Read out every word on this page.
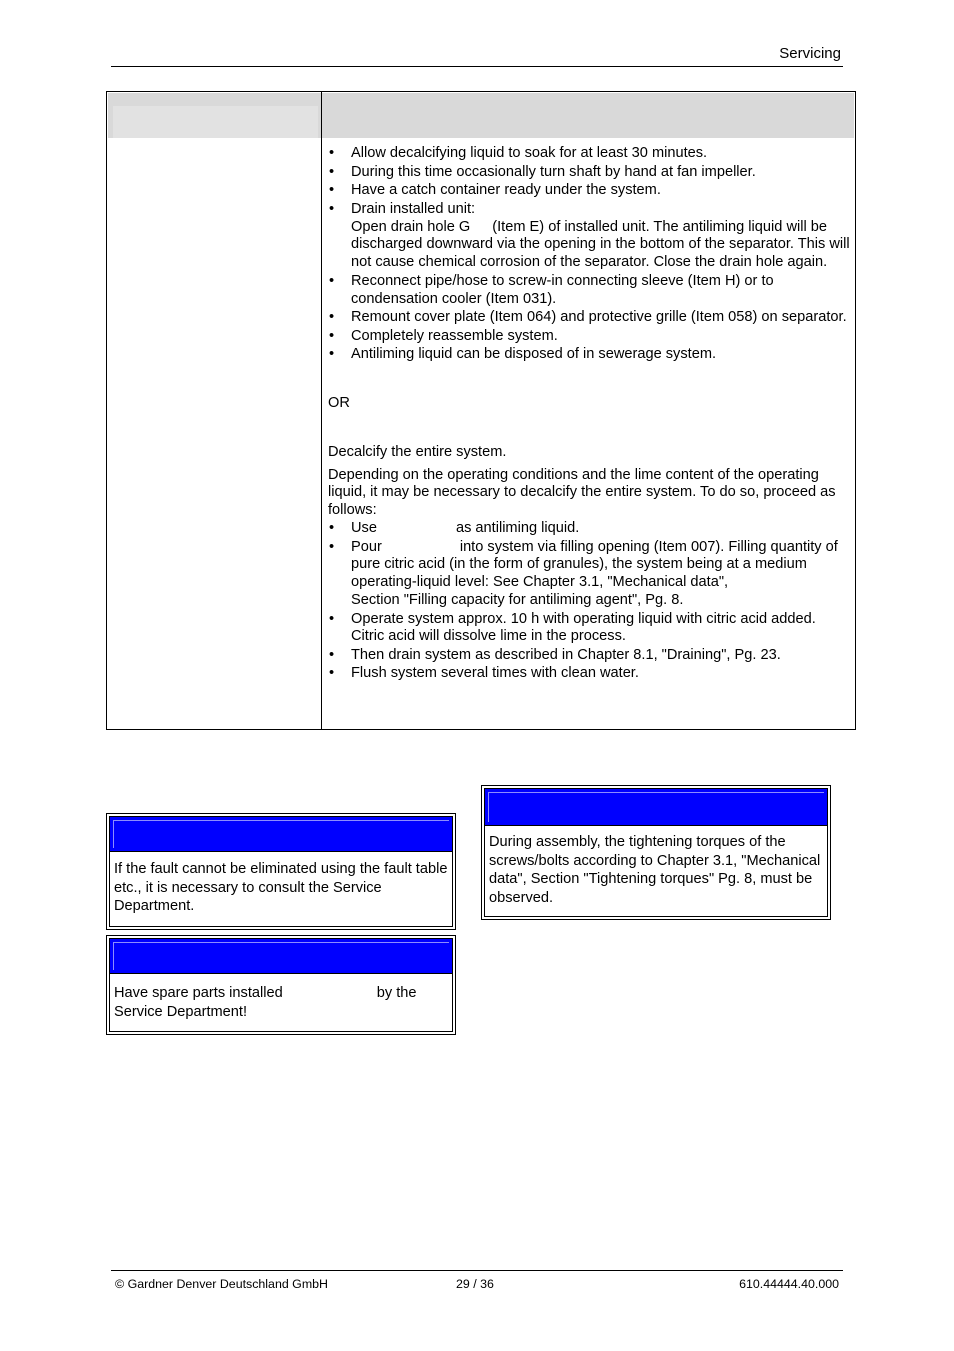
Servicing
• Allow decalcifying liquid to soak for at least 30 minutes.
• During this time occasionally turn shaft by hand at fan impeller.
• Have a catch container ready under the system.
• Drain installed unit:
Open drain hole G (Item E) of installed unit. The antiliming liquid will be discharged downward via the opening in the bottom of the separator. This will not cause chemical corrosion of the separator. Close the drain hole again.
• Reconnect pipe/hose to screw-in connecting sleeve (Item H) or to condensation cooler (Item 031).
• Remount cover plate (Item 064) and protective grille (Item 058) on separator.
• Completely reassemble system.
• Antiliming liquid can be disposed of in sewerage system.
OR
Decalcify the entire system.
Depending on the operating conditions and the lime content of the operating liquid, it may be necessary to decalcify the entire system. To do so, proceed as follows:
• Use	as antiliming liquid.
• Pour	into system via filling opening (Item 007). Filling quantity of pure citric acid (in the form of granules), the system being at a medium operating-liquid level: See Chapter 3.1, "Mechanical data",
Section "Filling capacity for antiliming agent", Pg. 8.
• Operate system approx. 10 h with operating liquid with citric acid added. Citric acid will dissolve lime in the process.
• Then drain system as described in Chapter 8.1, "Draining", Pg. 23.
• Flush system several times with clean water.
If the fault cannot be eliminated using the fault table etc., it is necessary to consult the Service Department.
Have spare parts installed	by the
Service Department!
During assembly, the tightening torques of the screws/bolts according to Chapter 3.1, "Mechanical data", Section "Tightening torques" Pg. 8, must be observed.
© Gardner Denver Deutschland GmbH	29 / 36	610.44444.40.000
